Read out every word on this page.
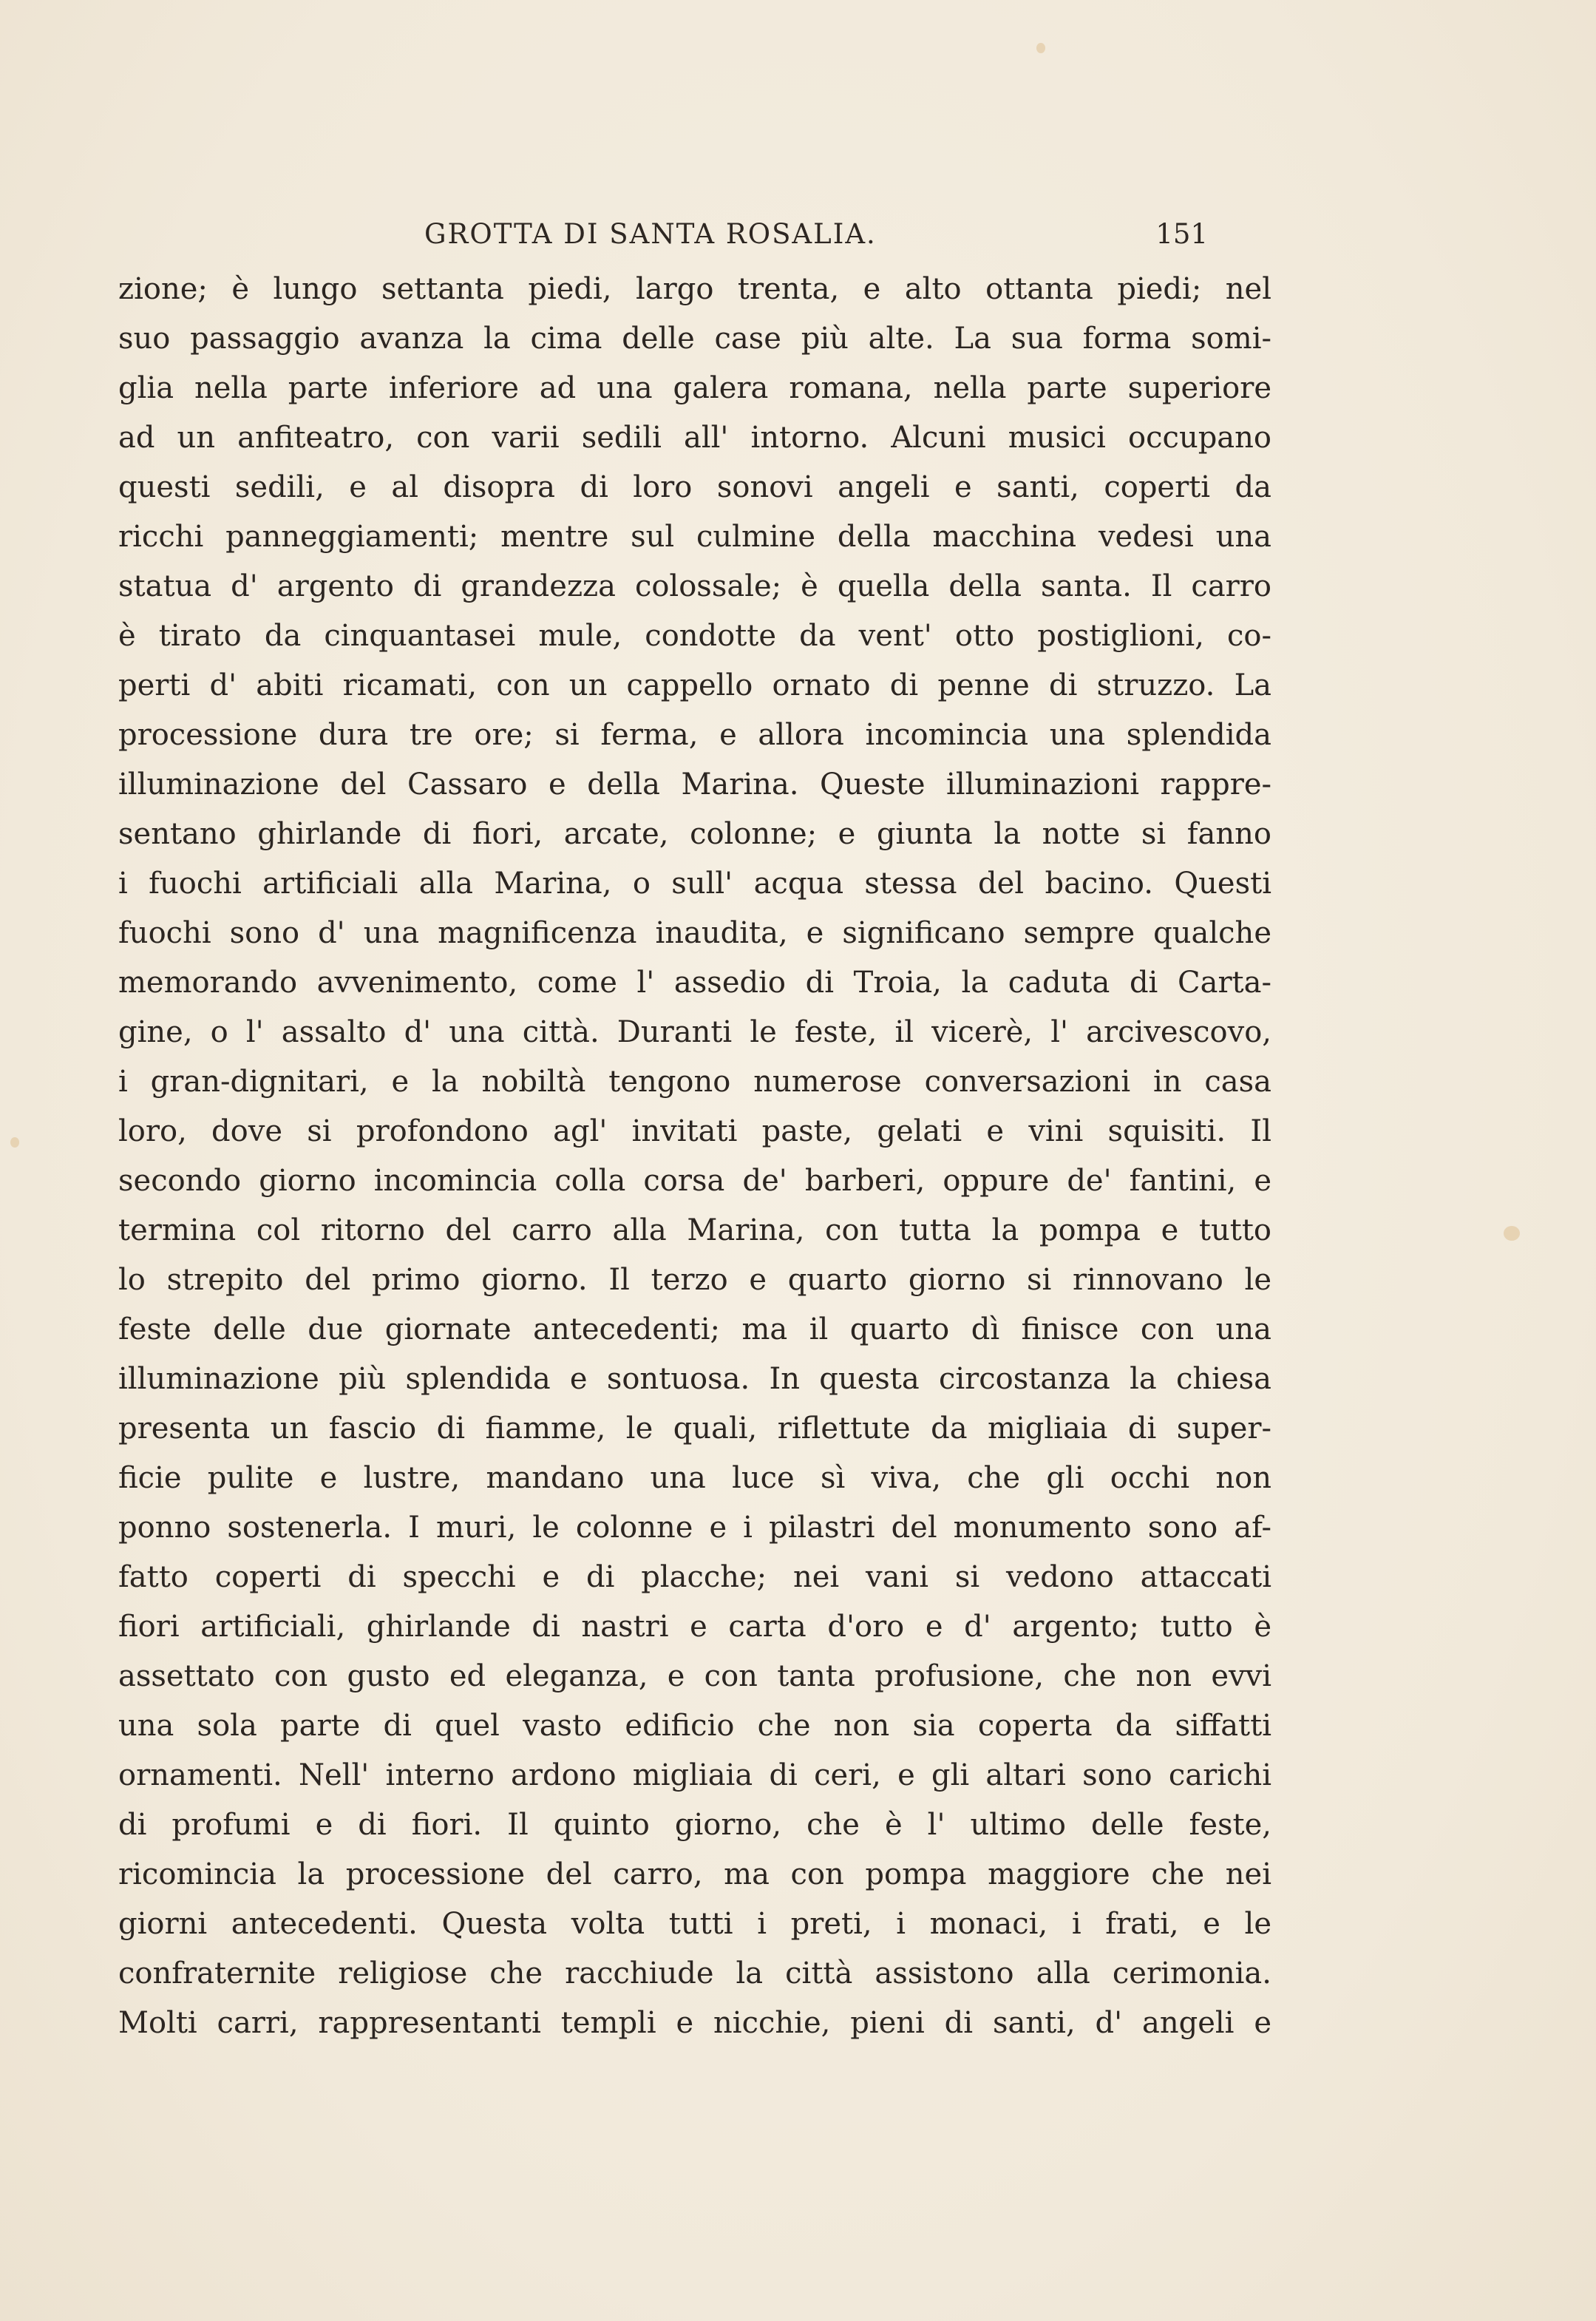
GROTTA DI SANTA ROSALIA.	151
zione; è lungo settanta piedi, largo trenta, e alto ottanta piedi; nel
suo passaggio avanza la cima delle case più alte. La sua forma somi-
glia nella parte inferiore ad una galera romana, nella parte superiore
ad un anfiteatro, con varii sedili all' intorno. Alcuni musici occupano
questi sedili, e al disopra di loro sonovi angeli e santi, coperti da
ricchi panneggiamenti; mentre sul culmine della macchina vedesi una
statua d' argento di grandezza colossale; è quella della santa. Il carro
è tirato da cinquantasei mule, condotte da vent' otto postiglioni, co-
perti d' abiti ricamati, con un cappello ornato di penne di struzzo. La
processione dura tre ore; si ferma, e allora incomincia una splendida
illuminazione del Cassaro e della Marina. Queste illuminazioni rappre-
sentano ghirlande di fiori, arcate, colonne; e giunta la notte si fanno
i fuochi artificiali alla Marina, o sull' acqua stessa del bacino. Questi
fuochi sono d' una magnificenza inaudita, e significano sempre qualche
memorando avvenimento, come l' assedio di Troia, la caduta di Carta-
gine, o l' assalto d' una città. Duranti le feste, il vicerè, l' arcivescovo,
i gran-dignitari, e la nobiltà tengono numerose conversazioni in casa
loro, dove si profondono agl' invitati paste, gelati e vini squisiti. Il
secondo giorno incomincia colla corsa de' barberi, oppure de' fantini, e
termina col ritorno del carro alla Marina, con tutta la pompa e tutto
lo strepito del primo giorno. Il terzo e quarto giorno si rinnovano le
feste delle due giornate antecedenti; ma il quarto dì finisce con una
illuminazione più splendida e sontuosa. In questa circostanza la chiesa
presenta un fascio di fiamme, le quali, riflettute da migliaia di super-
ficie pulite e lustre, mandano una luce sì viva, che gli occhi non
ponno sostenerla. I muri, le colonne e i pilastri del monumento sono af-
fatto coperti di specchi e di placche; nei vani si vedono attaccati
fiori artificiali, ghirlande di nastri e carta d'oro e d' argento; tutto è
assettato con gusto ed eleganza, e con tanta profusione, che non evvi
una sola parte di quel vasto edificio che non sia coperta da siffatti
ornamenti. Nell' interno ardono migliaia di ceri, e gli altari sono carichi
di profumi e di fiori. Il quinto giorno, che è l' ultimo delle feste,
ricomincia la processione del carro, ma con pompa maggiore che nei
giorni antecedenti. Questa volta tutti i preti, i monaci, i frati, e le
confraternite religiose che racchiude la città assistono alla cerimonia.
Molti carri, rappresentanti templi e nicchie, pieni di santi, d' angeli e
